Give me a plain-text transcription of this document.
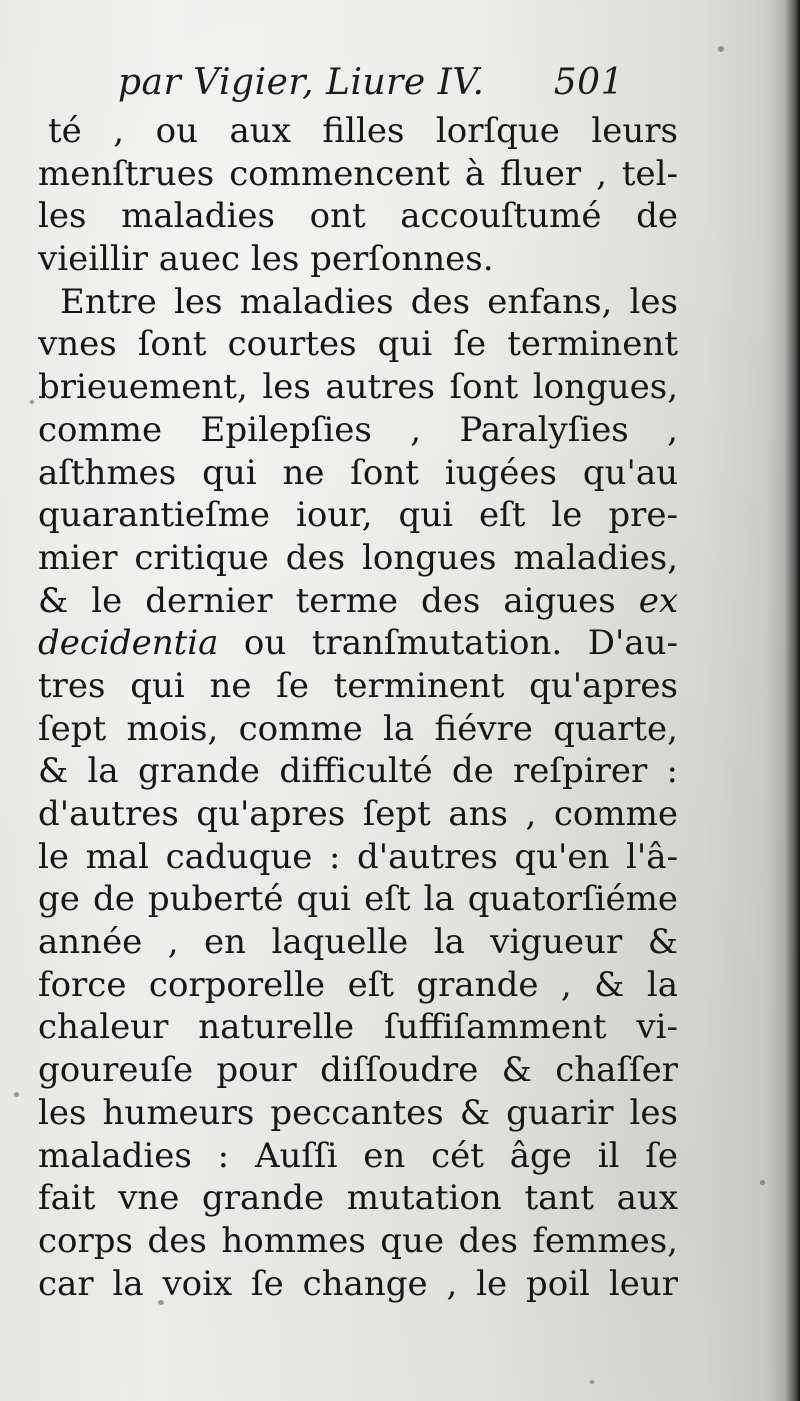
par Vigier, Liure IV. 501
té , ou aux filles lorſque leurs
menſtrues commencent à fluer , tel-
les maladies ont accouſtumé de
vieillir auec les perſonnes.
Entre les maladies des enfans, les
vnes ſont courtes qui ſe terminent
brieuement, les autres ſont longues,
comme Epilepſies , Paralyſies ,
aſthmes qui ne ſont iugées qu'au
quarantieſme iour, qui eſt le pre-
mier critique des longues maladies,
& le dernier terme des aigues ex
decidentia ou tranſmutation. D'au-
tres qui ne ſe terminent qu'apres
ſept mois, comme la fiévre quarte,
& la grande difficulté de reſpirer :
d'autres qu'apres ſept ans , comme
le mal caduque : d'autres qu'en l'â-
ge de puberté qui eſt la quatorſiéme
année , en laquelle la vigueur &
force corporelle eſt grande , & la
chaleur naturelle ſuffiſamment vi-
goureuſe pour diſſoudre & chaſſer
les humeurs peccantes & guarir les
maladies : Auſſi en cét âge il ſe
fait vne grande mutation tant aux
corps des hommes que des femmes,
car la voix ſe change , le poil leur
